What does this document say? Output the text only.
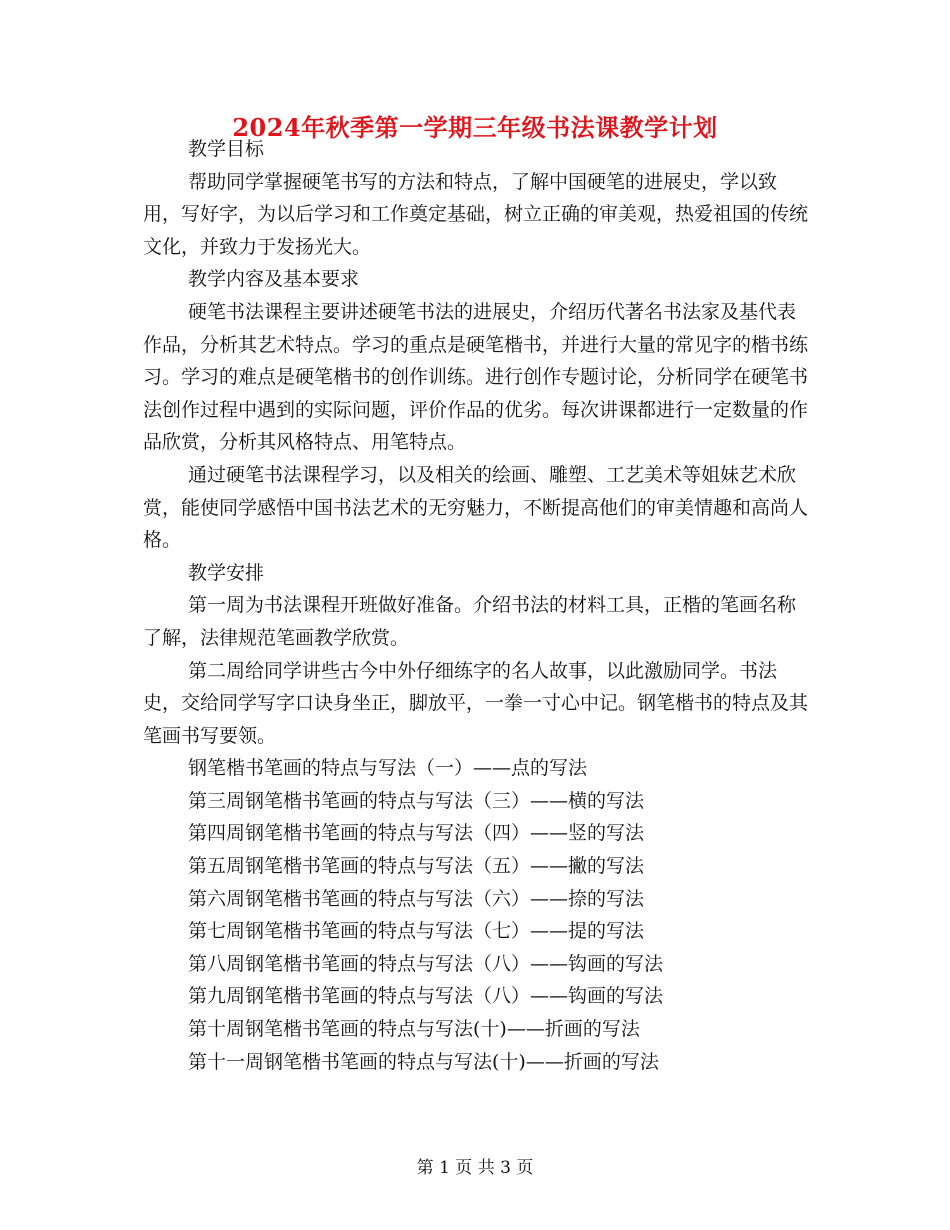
2024年秋季第一学期三年级书法课教学计划

教学目标

帮助同学掌握硬笔书写的方法和特点，了解中国硬笔的进展史，学以致用，写好字，为以后学习和工作奠定基础，树立正确的审美观，热爱祖国的传统文化，并致力于发扬光大。

教学内容及基本要求

硬笔书法课程主要讲述硬笔书法的进展史，介绍历代著名书法家及基代表作品，分析其艺术特点。学习的重点是硬笔楷书，并进行大量的常见字的楷书练习。学习的难点是硬笔楷书的创作训练。进行创作专题讨论，分析同学在硬笔书法创作过程中遇到的实际问题，评价作品的优劣。每次讲课都进行一定数量的作品欣赏，分析其风格特点、用笔特点。

通过硬笔书法课程学习，以及相关的绘画、雕塑、工艺美术等姐妹艺术欣赏，能使同学感悟中国书法艺术的无穷魅力，不断提高他们的审美情趣和高尚人格。

教学安排

第一周为书法课程开班做好准备。介绍书法的材料工具，正楷的笔画名称了解，法律规范笔画教学欣赏。

第二周给同学讲些古今中外仔细练字的名人故事，以此激励同学。书法史，交给同学写字口诀身坐正，脚放平，一拳一寸心中记。钢笔楷书的特点及其笔画书写要领。

钢笔楷书笔画的特点与写法（一）——点的写法

第三周钢笔楷书笔画的特点与写法（三）——横的写法

第四周钢笔楷书笔画的特点与写法（四）——竖的写法

第五周钢笔楷书笔画的特点与写法（五）——撇的写法

第六周钢笔楷书笔画的特点与写法（六）——捺的写法

第七周钢笔楷书笔画的特点与写法（七）——提的写法

第八周钢笔楷书笔画的特点与写法（八）——钩画的写法

第九周钢笔楷书笔画的特点与写法（八）——钩画的写法

第十周钢笔楷书笔画的特点与写法(十)——折画的写法

第十一周钢笔楷书笔画的特点与写法(十)——折画的写法

第 1 页 共 3 页
